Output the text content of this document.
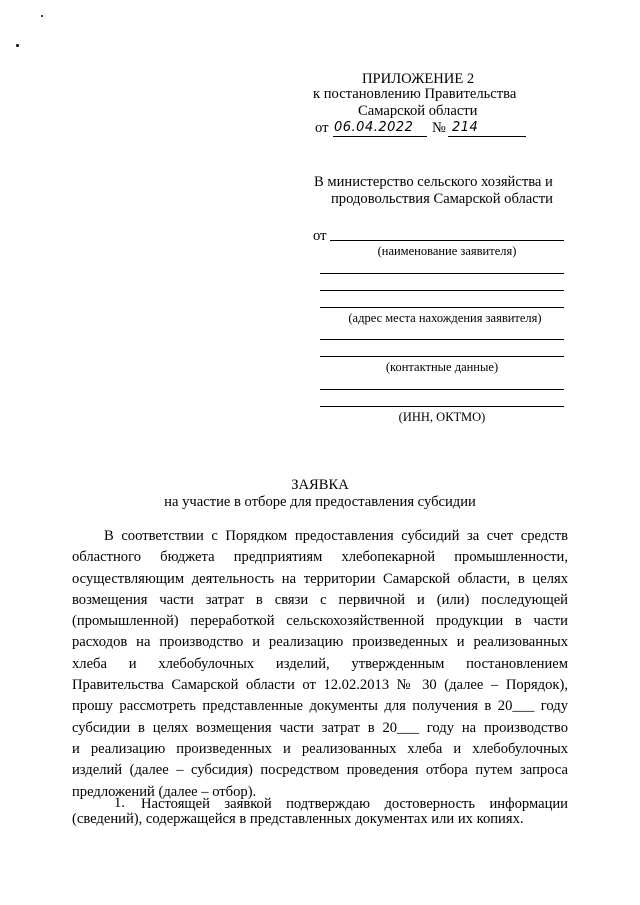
ПРИЛОЖЕНИЕ 2
к постановлению Правительства
Самарской области
от 06.04.2022 № 214
В министерство сельского хозяйства и
продовольствия Самарской области
от
(наименование заявителя)
(адрес места нахождения заявителя)
(контактные данные)
(ИНН, ОКТМО)
ЗАЯВКА
на участие в отборе для предоставления субсидии
В соответствии с Порядком предоставления субсидий за счет средств
областного бюджета предприятиям хлебопекарной промышленности,
осуществляющим деятельность на территории Самарской области, в целях
возмещения части затрат в связи с первичной и (или) последующей
(промышленной) переработкой сельскохозяйственной продукции в части
расходов на производство и реализацию произведенных и реализованных
хлеба и хлебобулочных изделий, утвержденным постановлением
Правительства Самарской области от 12.02.2013 № 30 (далее – Порядок),
прошу рассмотреть представленные документы для получения в 20___ году
субсидии в целях возмещения части затрат в 20___ году на производство
и реализацию произведенных и реализованных хлеба и хлебобулочных
изделий (далее – субсидия) посредством проведения отбора путем запроса
предложений (далее – отбор).
1. Настоящей заявкой подтверждаю достоверность информации
(сведений), содержащейся в представленных документах или их копиях.
